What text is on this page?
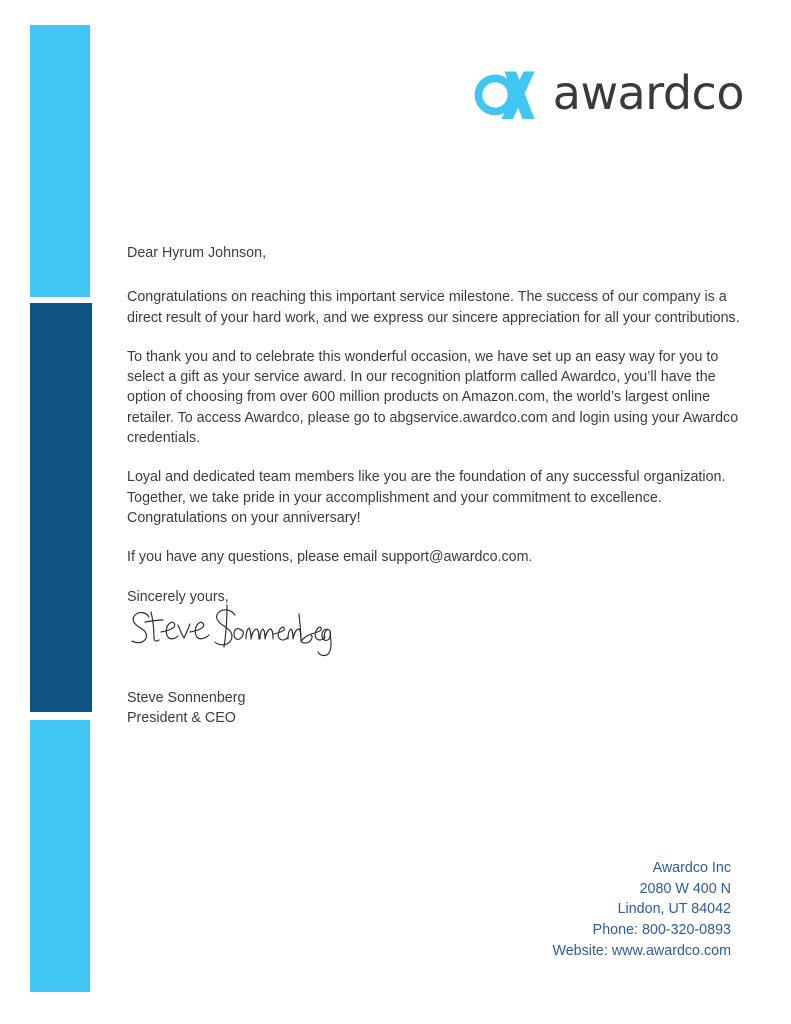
awardco

Dear Hyrum Johnson,

Congratulations on reaching this important service milestone. The success of our company is a direct result of your hard work, and we express our sincere appreciation for all your contributions.

To thank you and to celebrate this wonderful occasion, we have set up an easy way for you to select a gift as your service award. In our recognition platform called Awardco, you’ll have the option of choosing from over 600 million products on Amazon.com, the world’s largest online retailer. To access Awardco, please go to abgservice.awardco.com and login using your Awardco credentials.

Loyal and dedicated team members like you are the foundation of any successful organization. Together, we take pride in your accomplishment and your commitment to excellence. Congratulations on your anniversary!

If you have any questions, please email support@awardco.com.

Sincerely yours,

Steve Sonnenberg
President & CEO
Awardco Inc
2080 W 400 N
Lindon, UT 84042
Phone: 800-320-0893
Website: www.awardco.com
